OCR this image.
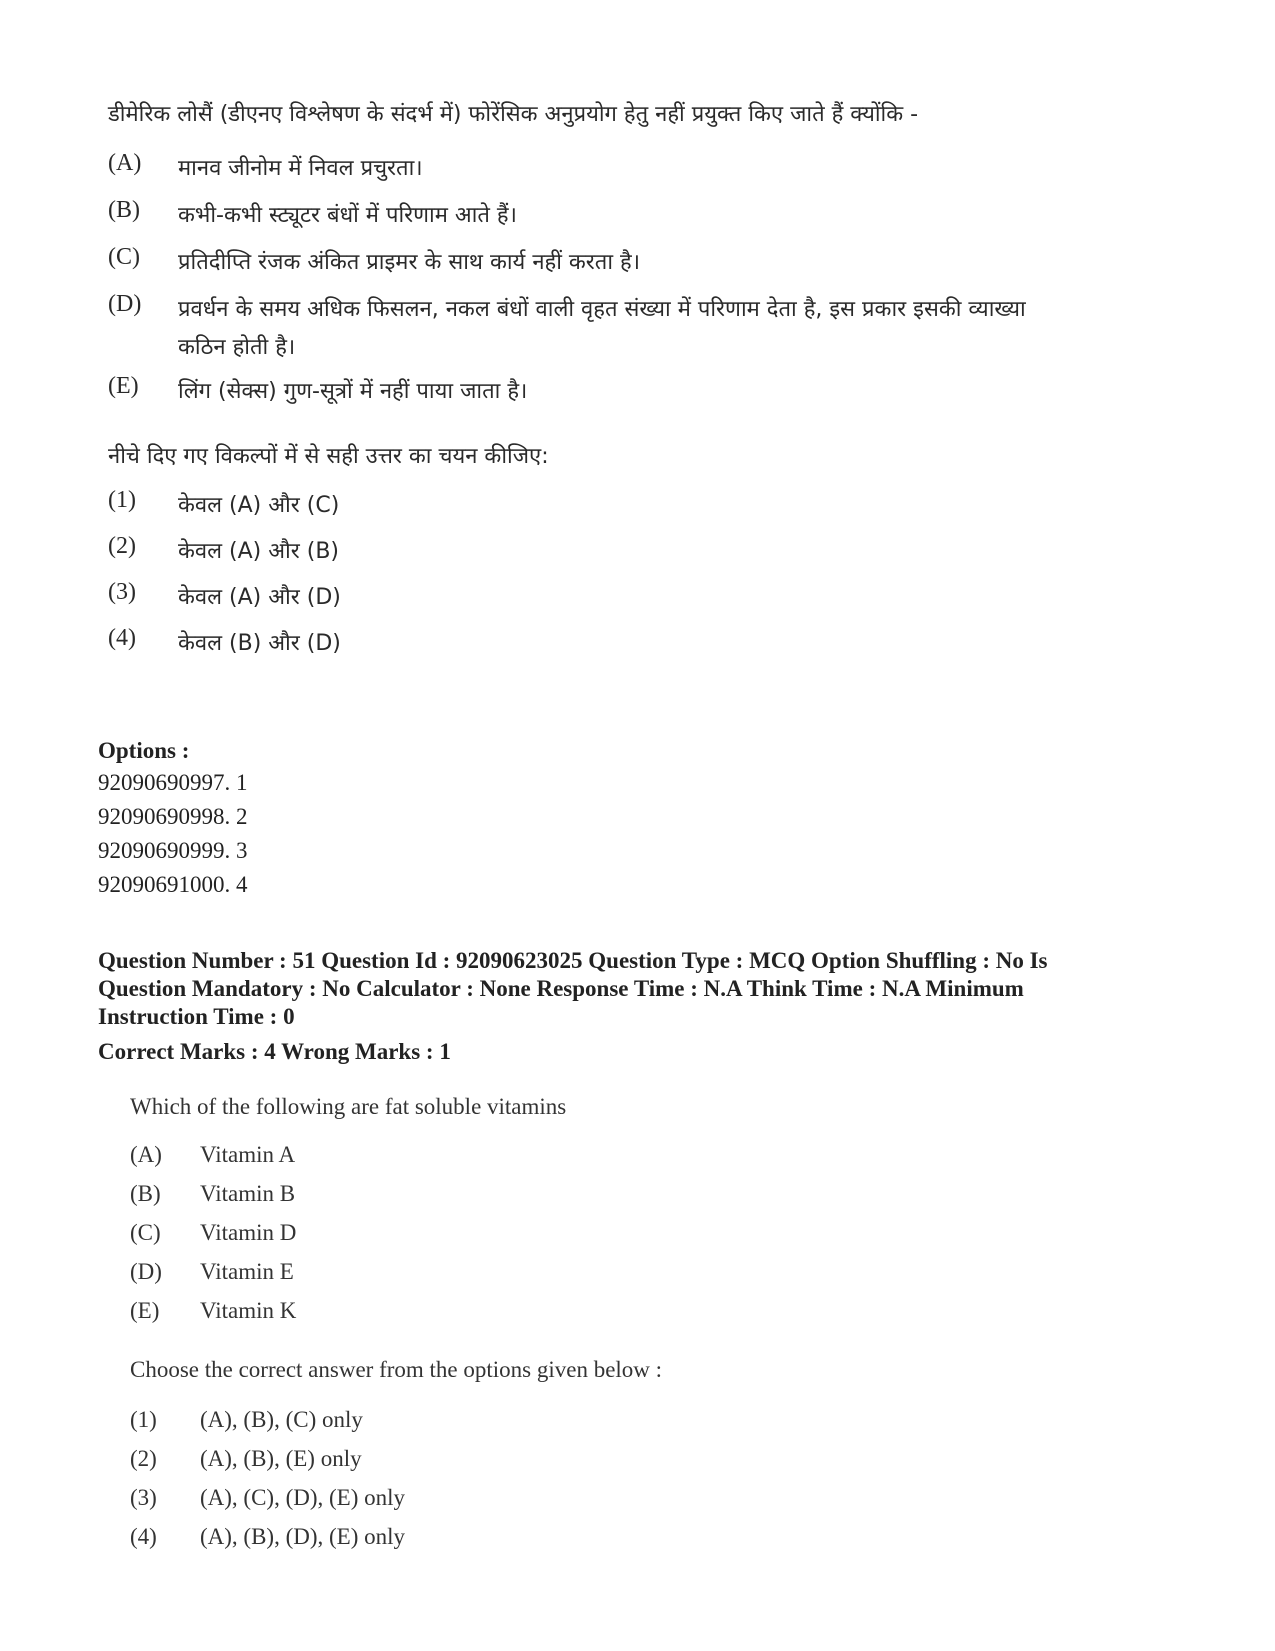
डीमेरिक लोसैं (डीएनए विश्लेषण के संदर्भ में) फोरेंसिक अनुप्रयोग हेतु नहीं प्रयुक्त किए जाते हैं क्योंकि -
(A) मानव जीनोम में निवल प्रचुरता।
(B) कभी-कभी स्ट्यूटर बंधों में परिणाम आते हैं।
(C) प्रतिदीप्ति रंजक अंकित प्राइमर के साथ कार्य नहीं करता है।
(D) प्रवर्धन के समय अधिक फिसलन, नकल बंधों वाली वृहत संख्या में परिणाम देता है, इस प्रकार इसकी व्याख्या कठिन होती है।
(E) लिंग (सेक्स) गुण-सूत्रों में नहीं पाया जाता है।
नीचे दिए गए विकल्पों में से सही उत्तर का चयन कीजिए:
(1) केवल (A) और (C)
(2) केवल (A) और (B)
(3) केवल (A) और (D)
(4) केवल (B) और (D)
Options :
92090690997. 1
92090690998. 2
92090690999. 3
92090691000. 4
Question Number : 51 Question Id : 92090623025 Question Type : MCQ Option Shuffling : No Is
Question Mandatory : No Calculator : None Response Time : N.A Think Time : N.A Minimum
Instruction Time : 0
Correct Marks : 4 Wrong Marks : 1
Which of the following are fat soluble vitamins
(A) Vitamin A
(B) Vitamin B
(C) Vitamin D
(D) Vitamin E
(E) Vitamin K
Choose the correct answer from the options given below :
(1) (A), (B), (C) only
(2) (A), (B), (E) only
(3) (A), (C), (D), (E) only
(4) (A), (B), (D), (E) only
